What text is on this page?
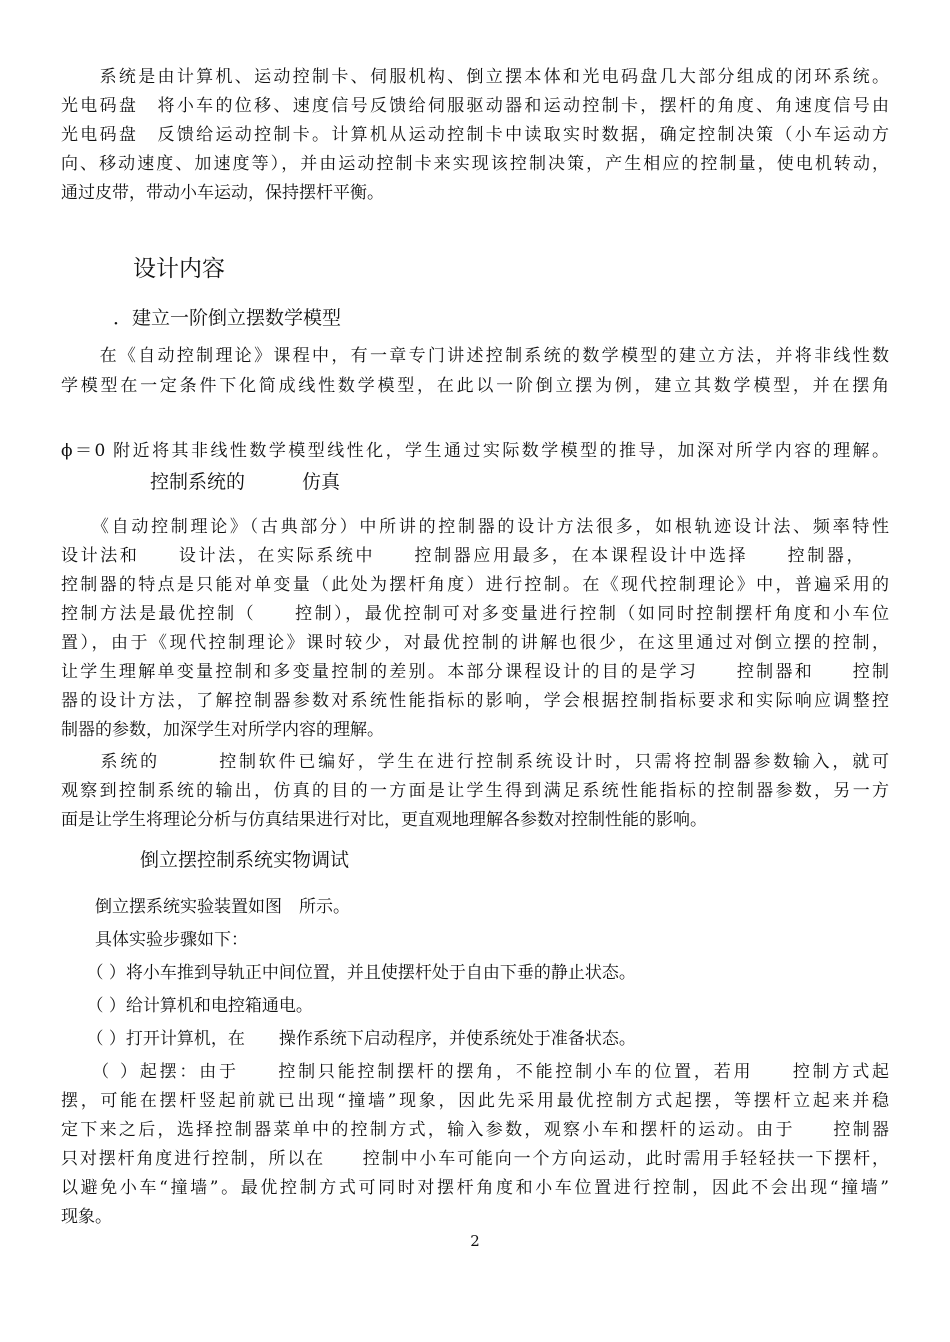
　　系统是由计算机、运动控制卡、伺服机构、倒立摆本体和光电码盘几大部分组成的闭环系统。
光电码盘　将小车的位移、速度信号反馈给伺服驱动器和运动控制卡，摆杆的角度、角速度信号由
光电码盘　反馈给运动控制卡。计算机从运动控制卡中读取实时数据，确定控制决策（小车运动方
向、移动速度、加速度等），并由运动控制卡来实现该控制决策，产生相应的控制量，使电机转动，
通过皮带，带动小车运动，保持摆杆平衡。
设计内容
．建立一阶倒立摆数学模型
　　在《自动控制理论》课程中，有一章专门讲述控制系统的数学模型的建立方法，并将非线性数
学模型在一定条件下化简成线性数学模型，在此以一阶倒立摆为例，建立其数学模型，并在摆角
ϕ＝0 附近将其非线性数学模型线性化，学生通过实际数学模型的推导，加深对所学内容的理解。
控制系统的　　　仿真
　　《自动控制理论》（古典部分）中所讲的控制器的设计方法很多，如根轨迹设计法、频率特性
设计法和　　设计法，在实际系统中　　控制器应用最多，在本课程设计中选择　　控制器，　　
控制器的特点是只能对单变量（此处为摆杆角度）进行控制。在《现代控制理论》中，普遍采用的
控制方法是最优控制（　　控制），最优控制可对多变量进行控制（如同时控制摆杆角度和小车位
置），由于《现代控制理论》课时较少，对最优控制的讲解也很少，在这里通过对倒立摆的控制，
让学生理解单变量控制和多变量控制的差别。本部分课程设计的目的是学习　　控制器和　　控制
器的设计方法，了解控制器参数对系统性能指标的影响，学会根据控制指标要求和实际响应调整控
制器的参数，加深学生对所学内容的理解。
　　系统的　　　控制软件已编好，学生在进行控制系统设计时，只需将控制器参数输入，就可
观察到控制系统的输出，仿真的目的一方面是让学生得到满足系统性能指标的控制器参数，另一方
面是让学生将理论分析与仿真结果进行对比，更直观地理解各参数对控制性能的影响。
倒立摆控制系统实物调试
　　倒立摆系统实验装置如图　所示。
　　具体实验步骤如下：
　　（ ）将小车推到导轨正中间位置，并且使摆杆处于自由下垂的静止状态。
　　（ ）给计算机和电控箱通电。
　　（ ）打开计算机，在　　操作系统下启动程序，并使系统处于准备状态。
　　（ ）起摆：由于　　控制只能控制摆杆的摆角，不能控制小车的位置，若用　　控制方式起
摆，可能在摆杆竖起前就已出现“撞墙”现象，因此先采用最优控制方式起摆，等摆杆立起来并稳
定下来之后，选择控制器菜单中的控制方式，输入参数，观察小车和摆杆的运动。由于　　控制器
只对摆杆角度进行控制，所以在　　控制中小车可能向一个方向运动，此时需用手轻轻扶一下摆杆，
以避免小车“撞墙”。最优控制方式可同时对摆杆角度和小车位置进行控制，因此不会出现“撞墙”
现象。
2
